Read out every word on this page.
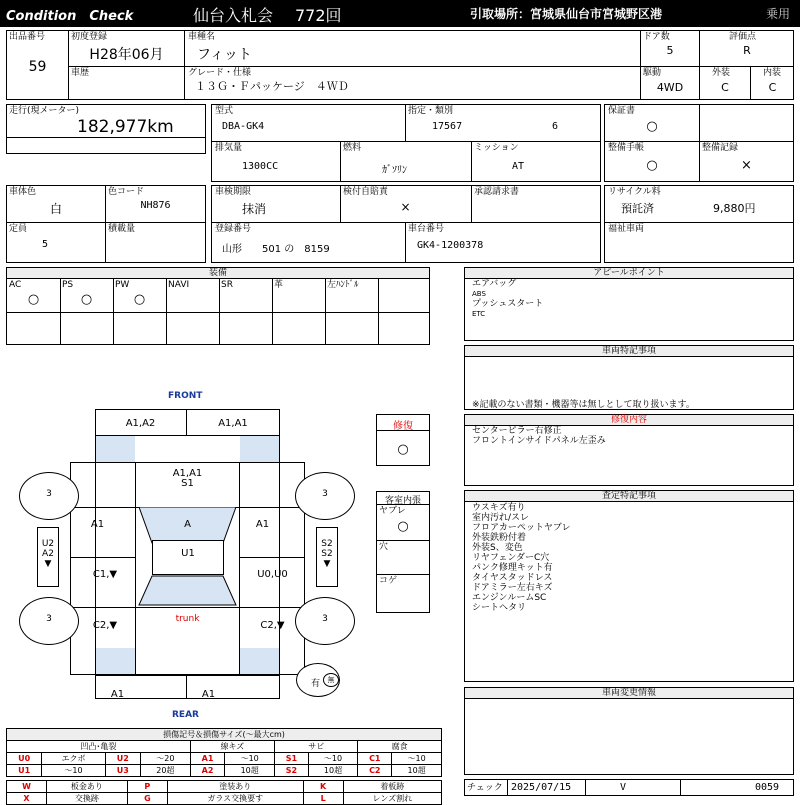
Condition　Check	仙台入札会 772回	引取場所：宮城県仙台市宮城野区港	乗用
出品番号
59
初度登録
H28年06月
車種名
フィット
ドア数
5
評価点
R
車歴	グレード・仕様
１３Ｇ・Ｆパッケージ　４ＷＤ
駆動
4WD
外装
C
内装
C
走行(現メーター)
182,977km
型式
DBA-GK4
指定・類別
17567	6
排気量
1300CC
燃料
ｶﾞｿﾘﾝ
ミッション
AT
保証書
○
整備手帳
○
整備記録
×
車体色
白
色コード
NH876
定員
5
積載量
車検期限
抹消
検付自賠責
×
承認請求書
登録番号
山形　　501 の　8159
車台番号
GK4-1200378
リサイクル料
預託済	9,880円
福祉車両
装備
AC
○
PS
○
PW
○
NAVI	SR	革	左ﾊﾝﾄﾞﾙ
アピールポイント
エアバッグ
ABS
プッシュスタート
ETC
車両特記事項
※記載のない書類・機器等は無しとして取り扱います。
修復
○
修復内容
センターピラー右修正
フロントインサイドパネル左歪み
客室内張
ヤブレ
○
穴
コゲ
査定特記事項
ウスキズ有り
室内汚れ/スレ
フロアカーペットヤブレ
外装鉄粉付着
外装S、変色
リヤフェンダーC穴
パンク修理キット有
タイヤスタッドレス
ドアミラー左右キズ
エンジンルームSC
シートヘタリ
車両変更情報
チェック 2025/07/15	V	0059
FRONT
REAR
3	3
3	3
有	無
A1,A2	A1,A1
A1,A1
S1
A
U1
A1	A1
C1,▼	U0,U0
C2,▼	C2,▼
trunk
A1	A1
U2
A2
▼
S2
S2
▼
損傷記号＆損傷サイズ(〜最大cm)									
凹凸･亀裂				線キズ		サビ		腐食	
U0	エクボ	U2	〜20	A1	〜10	S1	〜10	C1	〜10
U1	〜10	U3	20超	A2	10超	S2	10超	C2	10超
W	板金あり	P	塗装あり	K	着板跡
X	交換跡	G	ガラス交換要す	L	レンズ割れ
